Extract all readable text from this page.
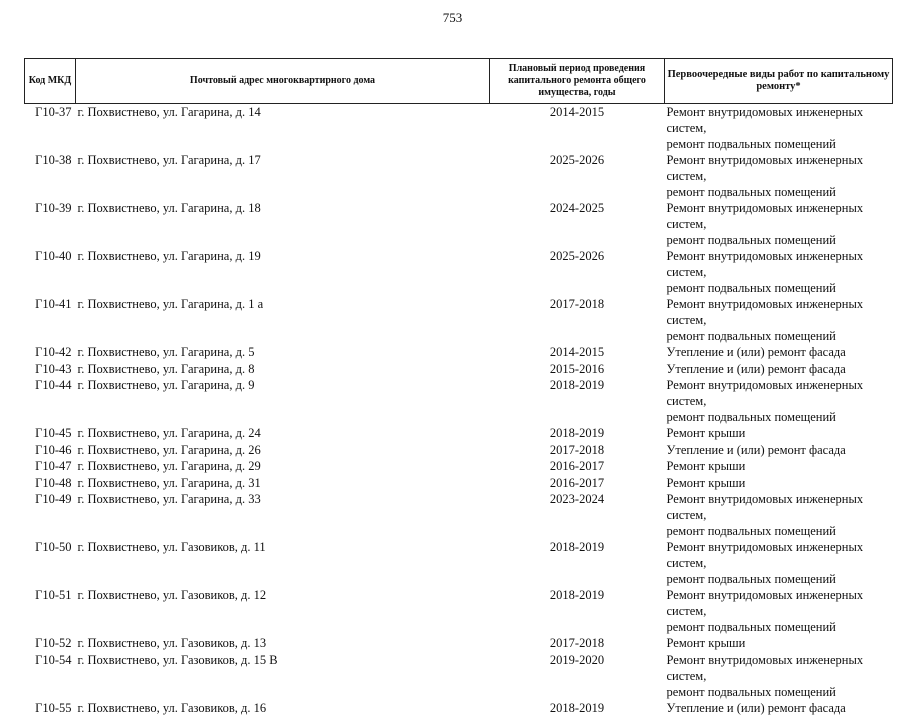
753
Код МКД	Почтовый адрес многоквартирного дома	Плановый период проведения капитального ремонта общего имущества, годы	Первоочередные виды работ по капитальному ремонту*
Г10-37	г. Похвистнево, ул. Гагарина, д. 14	2014-2015	Ремонт внутридомовых инженерных систем,
ремонт подвальных помещений

Г10-38	г. Похвистнево, ул. Гагарина, д. 17	2025-2026	Ремонт внутридомовых инженерных систем,
ремонт подвальных помещений

Г10-39	г. Похвистнево, ул. Гагарина, д. 18	2024-2025	Ремонт внутридомовых инженерных систем,
ремонт подвальных помещений

Г10-40	г. Похвистнево, ул. Гагарина, д. 19	2025-2026	Ремонт внутридомовых инженерных систем,
ремонт подвальных помещений

Г10-41	г. Похвистнево, ул. Гагарина, д. 1 а	2017-2018	Ремонт внутридомовых инженерных систем,
ремонт подвальных помещений

Г10-42	г. Похвистнево, ул. Гагарина, д. 5	2014-2015	Утепление и (или) ремонт фасада

Г10-43	г. Похвистнево, ул. Гагарина, д. 8	2015-2016	Утепление и (или) ремонт фасада

Г10-44	г. Похвистнево, ул. Гагарина, д. 9	2018-2019	Ремонт внутридомовых инженерных систем,
ремонт подвальных помещений

Г10-45	г. Похвистнево, ул. Гагарина, д. 24	2018-2019	Ремонт крыши

Г10-46	г. Похвистнево, ул. Гагарина, д. 26	2017-2018	Утепление и (или) ремонт фасада

Г10-47	г. Похвистнево, ул. Гагарина, д. 29	2016-2017	Ремонт крыши

Г10-48	г. Похвистнево, ул. Гагарина, д. 31	2016-2017	Ремонт крыши

Г10-49	г. Похвистнево, ул. Гагарина, д. 33	2023-2024	Ремонт внутридомовых инженерных систем,
ремонт подвальных помещений

Г10-50	г. Похвистнево, ул. Газовиков, д. 11	2018-2019	Ремонт внутридомовых инженерных систем,
ремонт подвальных помещений

Г10-51	г. Похвистнево, ул. Газовиков, д. 12	2018-2019	Ремонт внутридомовых инженерных систем,
ремонт подвальных помещений

Г10-52	г. Похвистнево, ул. Газовиков, д. 13	2017-2018	Ремонт крыши

Г10-54	г. Похвистнево, ул. Газовиков, д. 15 В	2019-2020	Ремонт внутридомовых инженерных систем,
ремонт подвальных помещений

Г10-55	г. Похвистнево, ул. Газовиков, д. 16	2018-2019	Утепление и (или) ремонт фасада
